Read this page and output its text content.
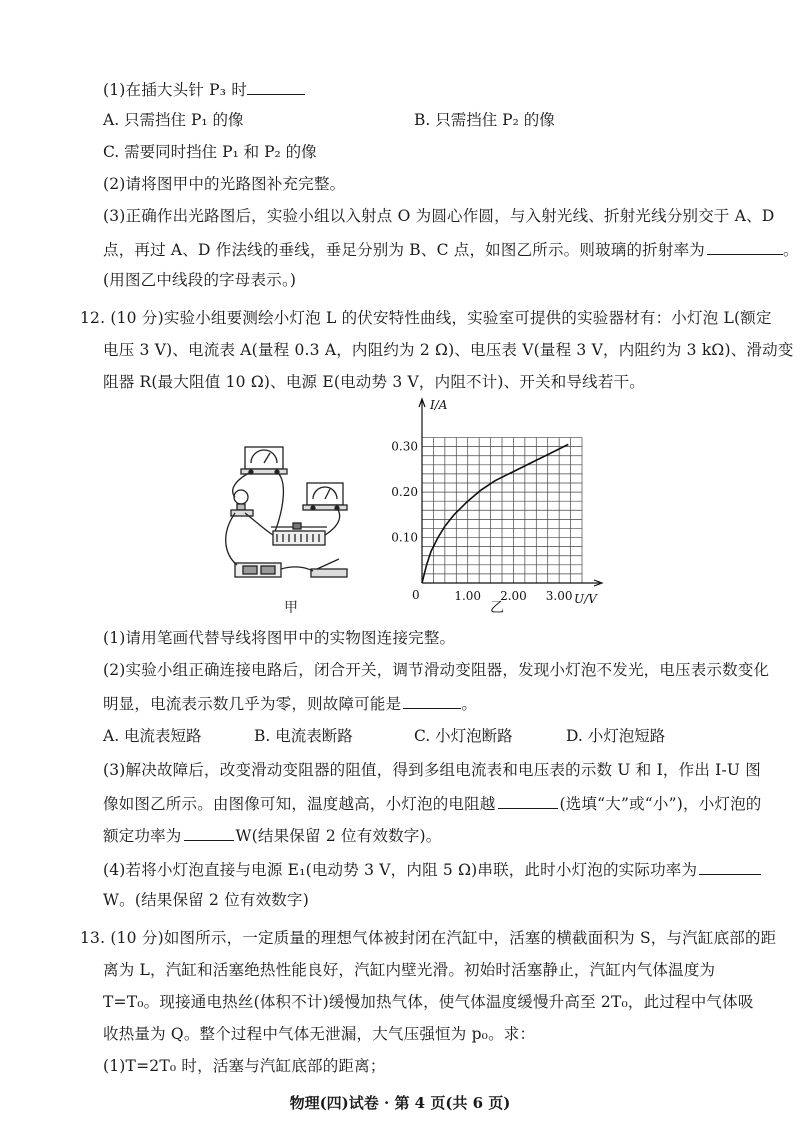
(1)在插大头针 P₃ 时
A. 只需挡住 P₁ 的像	B. 只需挡住 P₂ 的像
C. 需要同时挡住 P₁ 和 P₂ 的像
(2)请将图甲中的光路图补充完整。
(3)正确作出光路图后，实验小组以入射点 O 为圆心作圆，与入射光线、折射光线分别交于 A、D
点，再过 A、D 作法线的垂线，垂足分别为 B、C 点，如图乙所示。则玻璃的折射率为	。
(用图乙中线段的字母表示。)
12. (10 分)实验小组要测绘小灯泡 L 的伏安特性曲线，实验室可提供的实验器材有：小灯泡 L(额定
电压 3 V)、电流表 A(量程 0.3 A，内阻约为 2 Ω)、电压表 V(量程 3 V，内阻约为 3 kΩ)、滑动变
阻器 R(最大阻值 10 Ω)、电源 E(电动势 3 V，内阻不计)、开关和导线若干。
甲
I/A
U/V
0	1.00 2.00 3.00
0.10
0.20
0.30
乙
(1)请用笔画代替导线将图甲中的实物图连接完整。
(2)实验小组正确连接电路后，闭合开关，调节滑动变阻器，发现小灯泡不发光，电压表示数变化
明显，电流表示数几乎为零，则故障可能是	。
A. 电流表短路	B. 电流表断路	C. 小灯泡断路	D. 小灯泡短路
(3)解决故障后，改变滑动变阻器的阻值，得到多组电流表和电压表的示数 U 和 I，作出 I-U 图
像如图乙所示。由图像可知，温度越高，小灯泡的电阻越	(选填“大”或“小”)，小灯泡的
额定功率为	W(结果保留 2 位有效数字)。
(4)若将小灯泡直接与电源 E₁(电动势 3 V，内阻 5 Ω)串联，此时小灯泡的实际功率为
W。(结果保留 2 位有效数字)
13. (10 分)如图所示，一定质量的理想气体被封闭在汽缸中，活塞的横截面积为 S，与汽缸底部的距
离为 L，汽缸和活塞绝热性能良好，汽缸内壁光滑。初始时活塞静止，汽缸内气体温度为
T=T₀。现接通电热丝(体积不计)缓慢加热气体，使气体温度缓慢升高至 2T₀，此过程中气体吸
收热量为 Q。整个过程中气体无泄漏，大气压强恒为 p₀。求：
(1)T=2T₀ 时，活塞与汽缸底部的距离；
物理(四)试卷 · 第 4 页(共 6 页)
